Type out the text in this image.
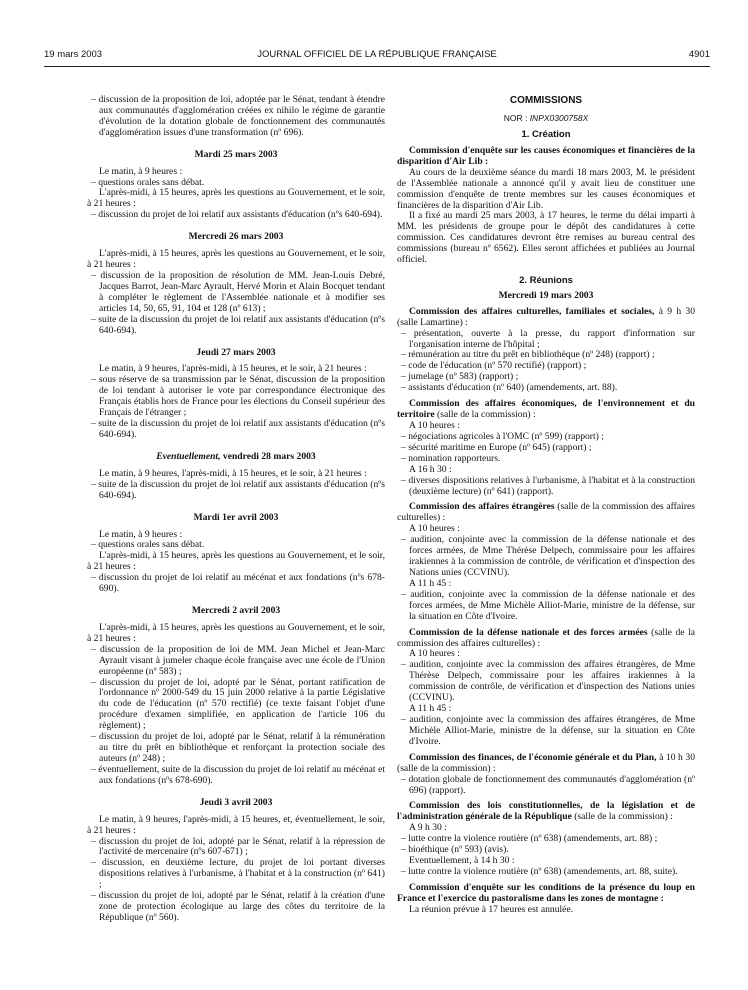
19 mars 2003	JOURNAL OFFICIEL DE LA RÉPUBLIQUE FRANÇAISE	4901

– discussion de la proposition de loi, adoptée par le Sénat, tendant à étendre aux communautés d'agglomération créées ex nihilo le régime de garantie d'évolution de la dotation globale de fonctionnement des communautés d'agglomération issues d'une transformation (nº 696).

Mardi 25 mars 2003

Le matin, à 9 heures :

– questions orales sans débat.

L'après-midi, à 15 heures, après les questions au Gouvernement, et le soir, à 21 heures :

– discussion du projet de loi relatif aux assistants d'éducation (nºs 640-694).

Mercredi 26 mars 2003

L'après-midi, à 15 heures, après les questions au Gouvernement, et le soir, à 21 heures :

– discussion de la proposition de résolution de MM. Jean-Louis Debré, Jacques Barrot, Jean-Marc Ayrault, Hervé Morin et Alain Bocquet tendant à compléter le règlement de l'Assemblée nationale et à modifier ses articles 14, 50, 65, 91, 104 et 128 (nº 613) ;

– suite de la discussion du projet de loi relatif aux assistants d'éducation (nºs 640-694).

Jeudi 27 mars 2003

Le matin, à 9 heures, l'après-midi, à 15 heures, et le soir, à 21 heures :

– sous réserve de sa transmission par le Sénat, discussion de la proposition de loi tendant à autoriser le vote par correspondance électronique des Français établis hors de France pour les élections du Conseil supérieur des Français de l'étranger ;

– suite de la discussion du projet de loi relatif aux assistants d'éducation (nºs 640-694).

Eventuellement, vendredi 28 mars 2003

Le matin, à 9 heures, l'après-midi, à 15 heures, et le soir, à 21 heures :

– suite de la discussion du projet de loi relatif aux assistants d'éducation (nºs 640-694).

Mardi 1er avril 2003

Le matin, à 9 heures :

– questions orales sans débat.

L'après-midi, à 15 heures, après les questions au Gouvernement, et le soir, à 21 heures :

– discussion du projet de loi relatif au mécénat et aux fondations (nºs 678-690).

Mercredi 2 avril 2003

L'après-midi, à 15 heures, après les questions au Gouvernement, et le soir, à 21 heures :

– discussion de la proposition de loi de MM. Jean Michel et Jean-Marc Ayrault visant à jumeler chaque école française avec une école de l'Union européenne (nº 583) ;

– discussion du projet de loi, adopté par le Sénat, portant ratification de l'ordonnance nº 2000-549 du 15 juin 2000 relative à la partie Législative du code de l'éducation (nº 570 rectifié) (ce texte faisant l'objet d'une procédure d'examen simplifiée, en application de l'article 106 du règlement) ;

– discussion du projet de loi, adopté par le Sénat, relatif à la rémunération au titre du prêt en bibliothèque et renforçant la protection sociale des auteurs (nº 248) ;

– éventuellement, suite de la discussion du projet de loi relatif au mécénat et aux fondations (nºs 678-690).

Jeudi 3 avril 2003

Le matin, à 9 heures, l'après-midi, à 15 heures, et, éventuellement, le soir, à 21 heures :

– discussion du projet de loi, adopté par le Sénat, relatif à la répression de l'activité de mercenaire (nºs 607-671) ;

– discussion, en deuxième lecture, du projet de loi portant diverses dispositions relatives à l'urbanisme, à l'habitat et à la construction (nº 641) ;

– discussion du projet de loi, adopté par le Sénat, relatif à la création d'une zone de protection écologique au large des côtes du territoire de la République (nº 560).

COMMISSIONS

NOR : INPX0300758X

1. Création

Commission d'enquête sur les causes économiques et financières de la disparition d'Air Lib :

Au cours de la deuxième séance du mardi 18 mars 2003, M. le président de l'Assemblée nationale a annoncé qu'il y avait lieu de constituer une commission d'enquête de trente membres sur les causes économiques et financières de la disparition d'Air Lib.

Il a fixé au mardi 25 mars 2003, à 17 heures, le terme du délai imparti à MM. les présidents de groupe pour le dépôt des candidatures à cette commission. Ces candidatures devront être remises au bureau central des commissions (bureau nº 6562). Elles seront affichées et publiées au Journal officiel.

2. Réunions

Mercredi 19 mars 2003

Commission des affaires culturelles, familiales et sociales, à 9 h 30 (salle Lamartine) :

– présentation, ouverte à la presse, du rapport d'information sur l'organisation interne de l'hôpital ;

– rémunération au titre du prêt en bibliothèque (nº 248) (rapport) ;

– code de l'éducation (nº 570 rectifié) (rapport) ;

– jumelage (nº 583) (rapport) ;

– assistants d'éducation (nº 640) (amendements, art. 88).

Commission des affaires économiques, de l'environnement et du territoire (salle de la commission) :

A 10 heures :

– négociations agricoles à l'OMC (nº 599) (rapport) ;

– sécurité maritime en Europe (nº 645) (rapport) ;

– nomination rapporteurs.

A 16 h 30 :

– diverses dispositions relatives à l'urbanisme, à l'habitat et à la construction (deuxième lecture) (nº 641) (rapport).

Commission des affaires étrangères (salle de la commission des affaires culturelles) :

A 10 heures :

– audition, conjointe avec la commission de la défense nationale et des forces armées, de Mme Thérèse Delpech, commissaire pour les affaires irakiennes à la commission de contrôle, de vérification et d'inspection des Nations unies (CCVINU).

A 11 h 45 :

– audition, conjointe avec la commission de la défense nationale et des forces armées, de Mme Michèle Alliot-Marie, ministre de la défense, sur la situation en Côte d'Ivoire.

Commission de la défense nationale et des forces armées (salle de la commission des affaires culturelles) :

A 10 heures :

– audition, conjointe avec la commission des affaires étrangères, de Mme Thérèse Delpech, commissaire pour les affaires irakiennes à la commission de contrôle, de vérification et d'inspection des Nations unies (CCVINU).

A 11 h 45 :

– audition, conjointe avec la commission des affaires étrangères, de Mme Michèle Alliot-Marie, ministre de la défense, sur la situation en Côte d'Ivoire.

Commission des finances, de l'économie générale et du Plan, à 10 h 30 (salle de la commission) :

– dotation globale de fonctionnement des communautés d'agglomération (nº 696) (rapport).

Commission des lois constitutionnelles, de la législation et de l'administration générale de la République (salle de la commission) :

A 9 h 30 :

– lutte contre la violence routière (nº 638) (amendements, art. 88) ;

– bioéthique (nº 593) (avis).

Eventuellement, à 14 h 30 :

– lutte contre la violence routière (nº 638) (amendements, art. 88, suite).

Commission d'enquête sur les conditions de la présence du loup en France et l'exercice du pastoralisme dans les zones de montagne :

La réunion prévue à 17 heures est annulée.
